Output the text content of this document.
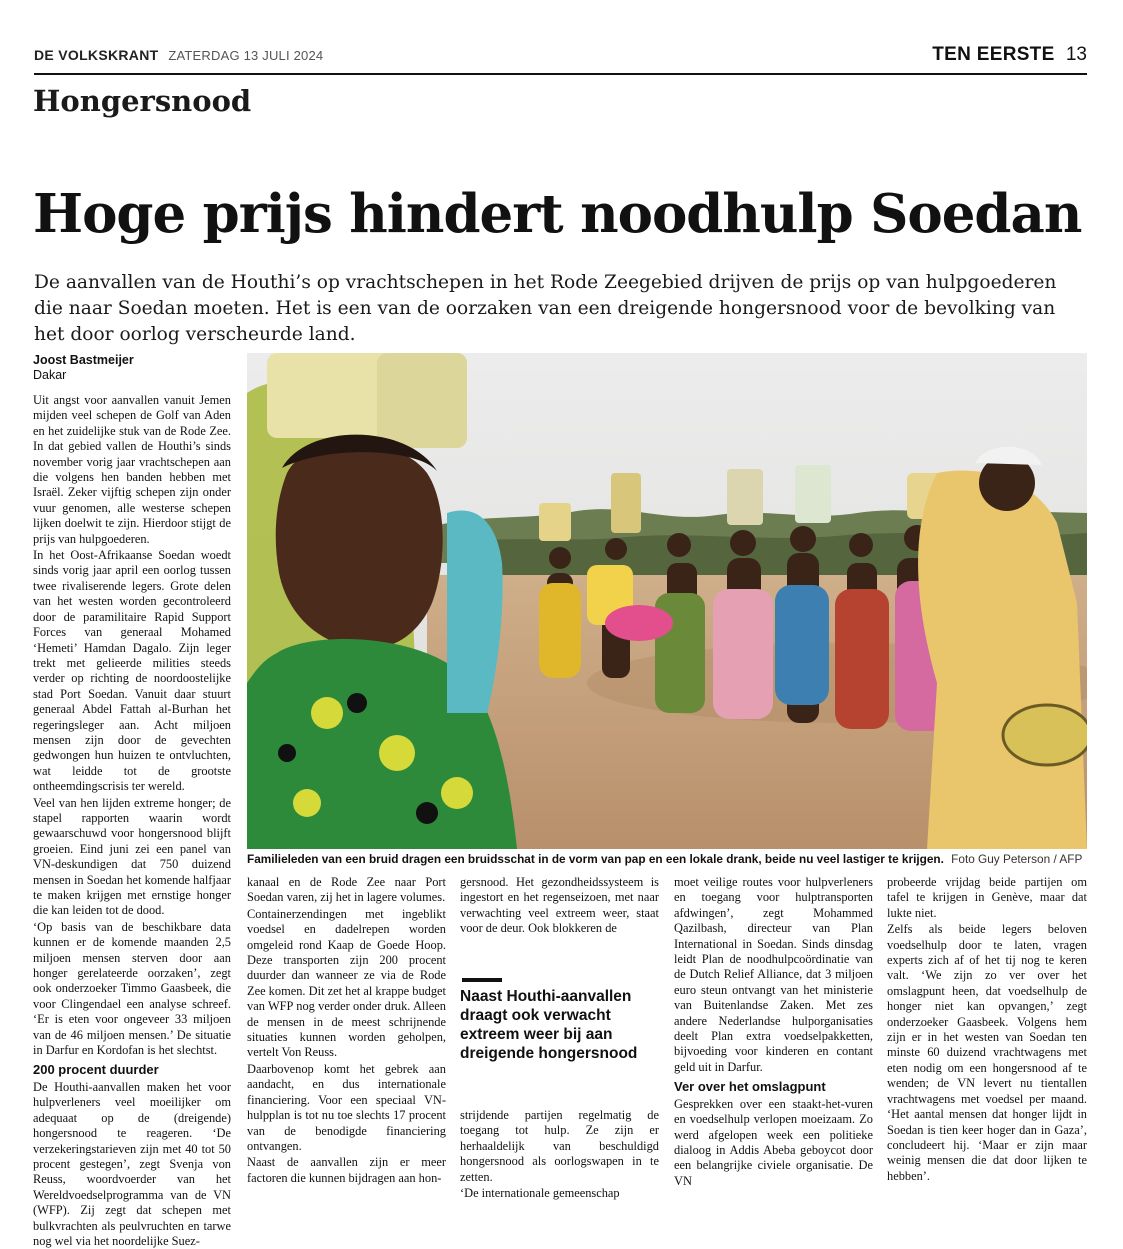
DE VOLKSKRANT ZATERDAG 13 JULI 2024	TEN EERSTE 13
Hongersnood
Hoge prijs hindert noodhulp Soedan
De aanvallen van de Houthi’s op vrachtschepen in het Rode Zeegebied drijven de prijs op van hulpgoederen die naar Soedan moeten. Het is een van de oorzaken van een dreigende hongersnood voor de bevolking van het door oorlog verscheurde land.
Joost Bastmeijer
Dakar

Uit angst voor aanvallen vanuit Jemen mijden veel schepen de Golf van Aden en het zuidelijke stuk van de Rode Zee. In dat gebied vallen de Houthi’s sinds november vorig jaar vrachtschepen aan die volgens hen banden hebben met Israël. Zeker vijftig schepen zijn onder vuur genomen, alle westerse schepen lijken doelwit te zijn. Hierdoor stijgt de prijs van hulpgoederen.

In het Oost-Afrikaanse Soedan woedt sinds vorig jaar april een oorlog tussen twee rivaliserende legers. Grote delen van het westen worden gecontroleerd door de paramilitaire Rapid Support Forces van generaal Mohamed ‘Hemeti’ Hamdan Dagalo. Zijn leger trekt met gelieerde milities steeds verder op richting de noordoostelijke stad Port Soedan. Vanuit daar stuurt generaal Abdel Fattah al-Burhan het regeringsleger aan. Acht miljoen mensen zijn door de gevechten gedwongen hun huizen te ontvluchten, wat leidde tot de grootste ontheemdingscrisis ter wereld.

Veel van hen lijden extreme honger; de stapel rapporten waarin wordt gewaarschuwd voor hongersnood blijft groeien. Eind juni zei een panel van VN-deskundigen dat 750 duizend mensen in Soedan het komende halfjaar te maken krijgen met ernstige honger die kan leiden tot de dood.

‘Op basis van de beschikbare data kunnen er de komende maanden 2,5 miljoen mensen sterven door aan honger gerelateerde oorzaken’, zegt ook onderzoeker Timmo Gaasbeek, die voor Clingendael een analyse schreef. ‘Er is eten voor ongeveer 33 miljoen van de 46 miljoen mensen.’ De situatie in Darfur en Kordofan is het slechtst.

200 procent duurder

De Houthi-aanvallen maken het voor hulpverleners veel moeilijker om adequaat op de (dreigende) hongersnood te reageren. ‘De verzekeringstarieven zijn met 40 tot 50 procent gestegen’, zegt Svenja von Reuss, woordvoerder van het Wereldvoedselprogramma van de VN (WFP). Zij zegt dat schepen met bulkvrachten als peulvruchten en tarwe nog wel via het noordelijke Suez-

Familieleden van een bruid dragen een bruidsschat in de vorm van pap en een lokale drank, beide nu veel lastiger te krijgen. Foto Guy Peterson / AFP

kanaal en de Rode Zee naar Port Soedan varen, zij het in lagere volumes.

Containerzendingen met ingeblikt voedsel en dadelrepen worden omgeleid rond Kaap de Goede Hoop. Deze transporten zijn 200 procent duurder dan wanneer ze via de Rode Zee komen. Dit zet het al krappe budget van WFP nog verder onder druk. Alleen de mensen in de meest schrijnende situaties kunnen worden geholpen, vertelt Von Reuss.

Daarbovenop komt het gebrek aan aandacht, en dus internationale financiering. Voor een speciaal VN-hulpplan is tot nu toe slechts 17 procent van de benodigde financiering ontvangen.

Naast de aanvallen zijn er meer factoren die kunnen bijdragen aan hon-

gersnood. Het gezondheidssysteem is ingestort en het regenseizoen, met naar verwachting veel extreem weer, staat voor de deur. Ook blokkeren de

Naast Houthi-aanvallen draagt ook verwacht extreem weer bij aan dreigende hongersnood

strijdende partijen regelmatig de toegang tot hulp. Ze zijn er herhaaldelijk van beschuldigd hongersnood als oorlogswapen in te zetten.

‘De internationale gemeenschap

moet veilige routes voor hulpverleners en toegang voor hulptransporten afdwingen’, zegt Mohammed Qazilbash, directeur van Plan International in Soedan. Sinds dinsdag leidt Plan de noodhulpcoördinatie van de Dutch Relief Alliance, dat 3 miljoen euro steun ontvangt van het ministerie van Buitenlandse Zaken. Met zes andere Nederlandse hulporganisaties deelt Plan extra voedselpakketten, bijvoeding voor kinderen en contant geld uit in Darfur.

Ver over het omslagpunt

Gesprekken over een staakt-het-vuren en voedselhulp verlopen moeizaam. Zo werd afgelopen week een politieke dialoog in Addis Abeba geboycot door een belangrijke civiele organisatie. De VN

probeerde vrijdag beide partijen om tafel te krijgen in Genève, maar dat lukte niet.

Zelfs als beide legers beloven voedselhulp door te laten, vragen experts zich af of het tij nog te keren valt. ‘We zijn zo ver over het omslagpunt heen, dat voedselhulp de honger niet kan opvangen,’ zegt onderzoeker Gaasbeek. Volgens hem zijn er in het westen van Soedan ten minste 60 duizend vrachtwagens met eten nodig om een hongersnood af te wenden; de VN levert nu tientallen vrachtwagens met voedsel per maand. ‘Het aantal mensen dat honger lijdt in Soedan is tien keer hoger dan in Gaza’, concludeert hij. ‘Maar er zijn maar weinig mensen die dat door lijken te hebben’.
